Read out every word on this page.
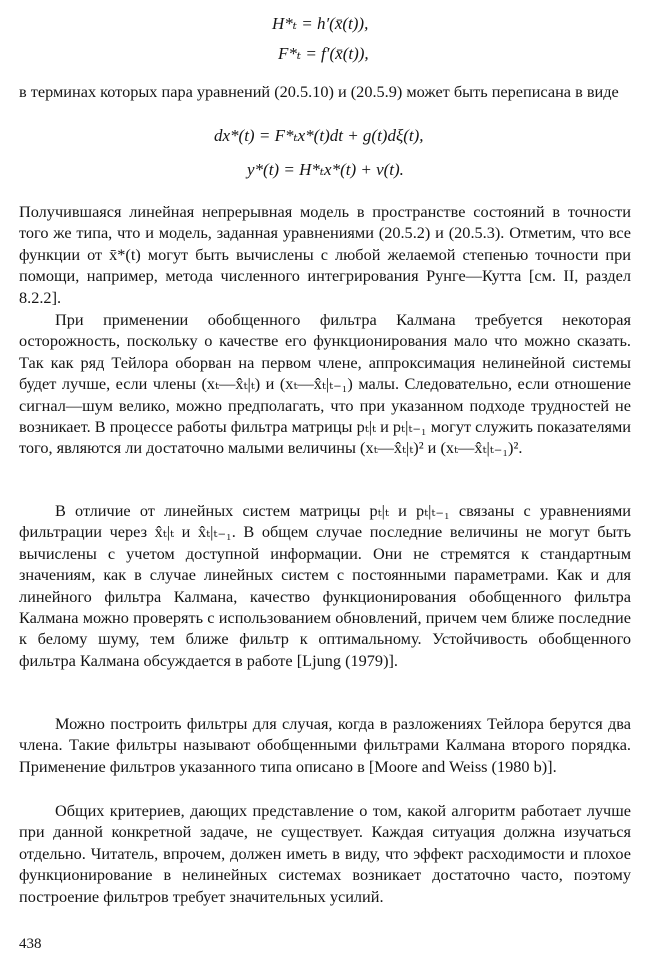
H*ₜ = h′(x̄(t)),
F*ₜ = f′(x̄(t)),

в терминах которых пара уравнений (20.5.10) и (20.5.9) может быть переписана в виде

dx*(t) = F*ₜx*(t)dt + g(t)dξ(t),
y*(t) = H*ₜx*(t) + v(t).

Получившаяся линейная непрерывная модель в пространстве состояний в точности того же типа, что и модель, заданная уравнениями (20.5.2) и (20.5.3). Отметим, что все функции от x̄*(t) могут быть вычислены с любой желаемой степенью точности при помощи, например, метода численного интегрирования Рунге—Кутта [см. II, раздел 8.2.2].

При применении обобщенного фильтра Калмана требуется некоторая осторожность, поскольку о качестве его функционирования мало что можно сказать. Так как ряд Тейлора оборван на первом члене, аппроксимация нелинейной системы будет лучше, если члены (xₜ—x̂ₜ|ₜ) и (xₜ—x̂ₜ|ₜ₋₁) малы. Следовательно, если отношение сигнал—шум велико, можно предполагать, что при указанном подходе трудностей не возникает. В процессе работы фильтра матрицы pₜ|ₜ и pₜ|ₜ₋₁ могут служить показателями того, являются ли достаточно малыми величины (xₜ—x̂ₜ|ₜ)² и (xₜ—x̂ₜ|ₜ₋₁)².

В отличие от линейных систем матрицы pₜ|ₜ и pₜ|ₜ₋₁ связаны с уравнениями фильтрации через x̂ₜ|ₜ и x̂ₜ|ₜ₋₁. В общем случае последние величины не могут быть вычислены с учетом доступной информации. Они не стремятся к стандартным значениям, как в случае линейных систем с постоянными параметрами. Как и для линейного фильтра Калмана, качество функционирования обобщенного фильтра Калмана можно проверять с использованием обновлений, причем чем ближе последние к белому шуму, тем ближе фильтр к оптимальному. Устойчивость обобщенного фильтра Калмана обсуждается в работе [Ljung (1979)].

Можно построить фильтры для случая, когда в разложениях Тейлора берутся два члена. Такие фильтры называют обобщенными фильтрами Калмана второго порядка. Применение фильтров указанного типа описано в [Moore and Weiss (1980 b)].

Общих критериев, дающих представление о том, какой алгоритм работает лучше при данной конкретной задаче, не существует. Каждая ситуация должна изучаться отдельно. Читатель, впрочем, должен иметь в виду, что эффект расходимости и плохое функционирование в нелинейных системах возникает достаточно часто, поэтому построение фильтров требует значительных усилий.

438
